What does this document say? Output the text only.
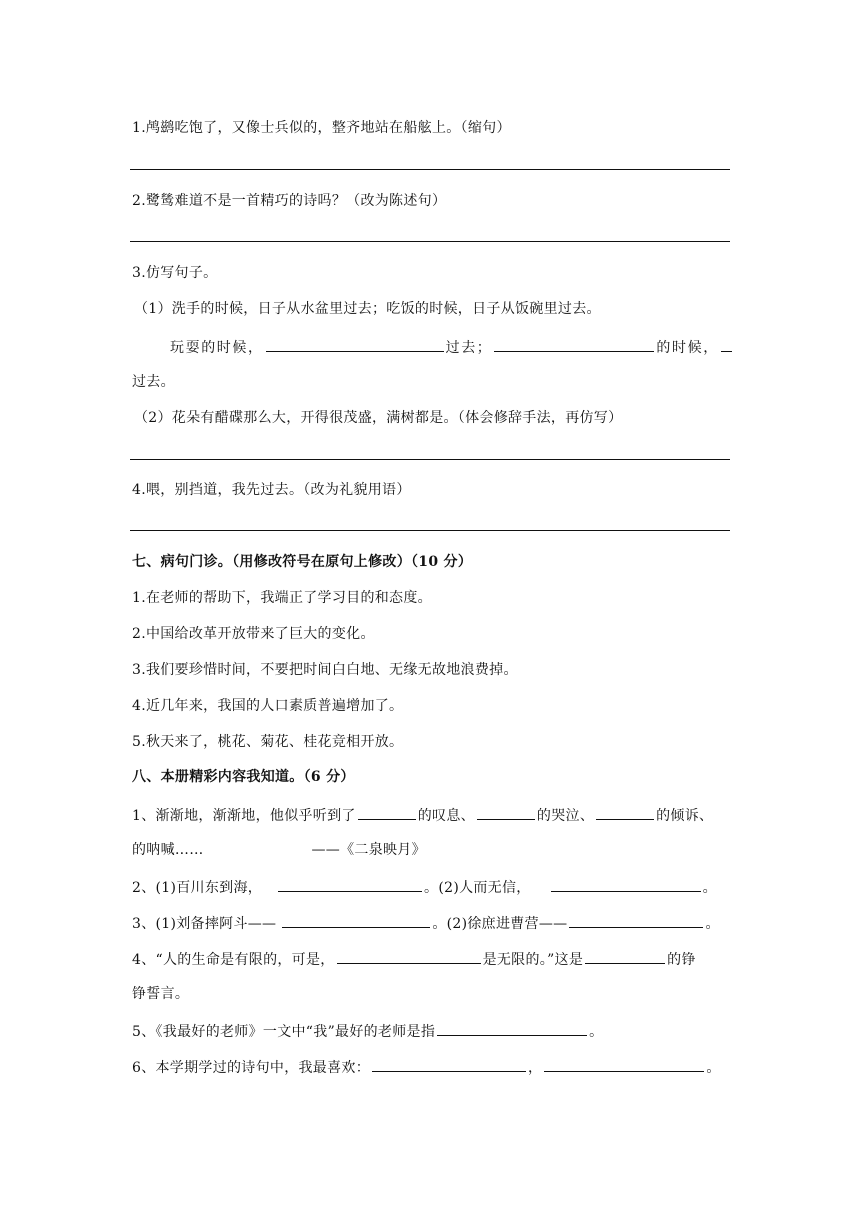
1.鸬鹚吃饱了，又像士兵似的，整齐地站在船舷上。（缩句）
2.鹭鸶难道不是一首精巧的诗吗？（改为陈述句）
3.仿写句子。
（1）洗手的时候，日子从水盆里过去；吃饭的时候，日子从饭碗里过去。
玩耍的时候，	过去；	的时候，
过去。
（2）花朵有醋碟那么大，开得很茂盛，满树都是。（体会修辞手法，再仿写）
4.喂，别挡道，我先过去。（改为礼貌用语）
七、病句门诊。（用修改符号在原句上修改）（10 分）
1.在老师的帮助下，我端正了学习目的和态度。
2.中国给改革开放带来了巨大的变化。
3.我们要珍惜时间，不要把时间白白地、无缘无故地浪费掉。
4.近几年来，我国的人口素质普遍增加了。
5.秋天来了，桃花、菊花、桂花竞相开放。
八、本册精彩内容我知道。（6 分）
1、渐渐地，渐渐地，他似乎听到了	的叹息、	的哭泣、	的倾诉、
的呐喊……	——《二泉映月》
2、(1)百川东到海，	。(2)人而无信，	。
3、(1)刘备摔阿斗——	。(2)徐庶进曹营——	。
4、“人的生命是有限的，可是，	是无限的。”这是	的铮
铮誓言。
5、《我最好的老师》一文中“我”最好的老师是指	。
6、本学期学过的诗句中，我最喜欢：	，	。
